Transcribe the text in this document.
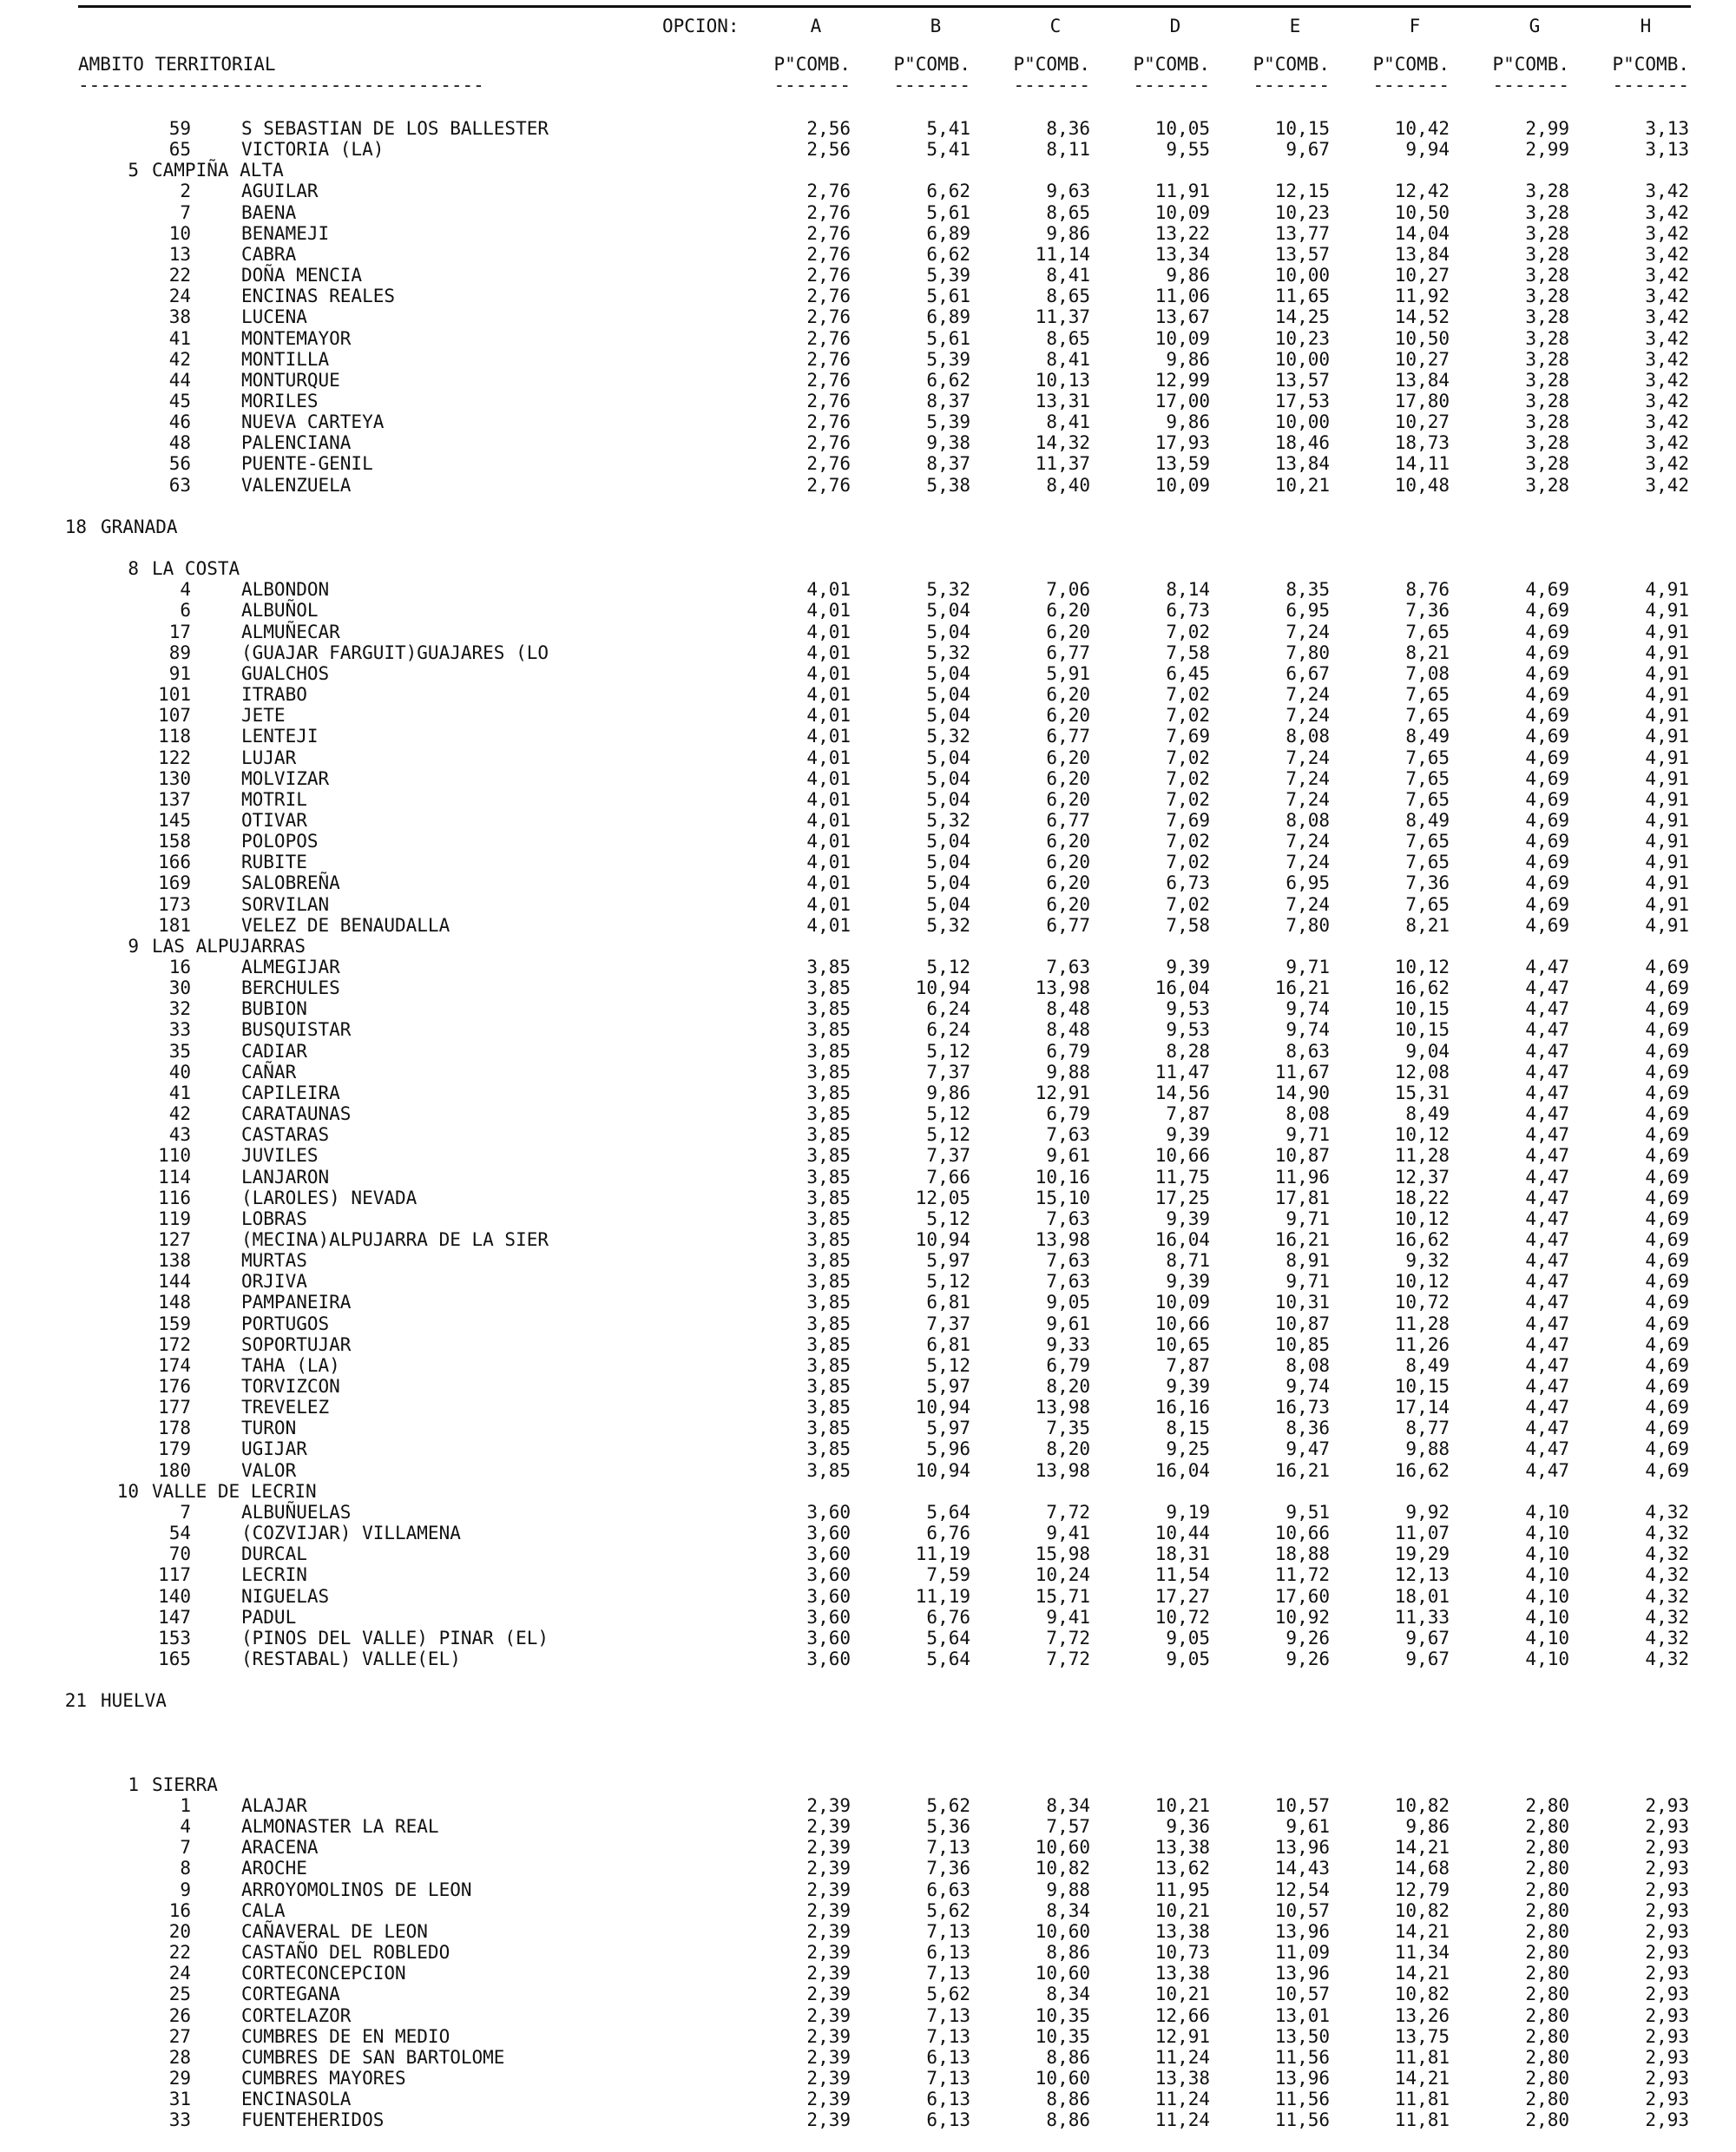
OPCION:	A	B	C	D	E	F	G	H
AMBITO TERRITORIAL	P"COMB.	P"COMB.	P"COMB.	P"COMB.	P"COMB.	P"COMB.	P"COMB.	P"COMB.
-------------------------------------	-------	-------	-------	-------	-------	-------	-------	-------
59	S SEBASTIAN DE LOS BALLESTER	2,56	5,41	8,36	10,05	10,15	10,42	2,99	3,13
65	VICTORIA (LA)	2,56	5,41	8,11	9,55	9,67	9,94	2,99	3,13
5 CAMPIÑA ALTA
2	AGUILAR	2,76	6,62	9,63	11,91	12,15	12,42	3,28	3,42
7	BAENA	2,76	5,61	8,65	10,09	10,23	10,50	3,28	3,42
10	BENAMEJI	2,76	6,89	9,86	13,22	13,77	14,04	3,28	3,42
13	CABRA	2,76	6,62	11,14	13,34	13,57	13,84	3,28	3,42
22	DOÑA MENCIA	2,76	5,39	8,41	9,86	10,00	10,27	3,28	3,42
24	ENCINAS REALES	2,76	5,61	8,65	11,06	11,65	11,92	3,28	3,42
38	LUCENA	2,76	6,89	11,37	13,67	14,25	14,52	3,28	3,42
41	MONTEMAYOR	2,76	5,61	8,65	10,09	10,23	10,50	3,28	3,42
42	MONTILLA	2,76	5,39	8,41	9,86	10,00	10,27	3,28	3,42
44	MONTURQUE	2,76	6,62	10,13	12,99	13,57	13,84	3,28	3,42
45	MORILES	2,76	8,37	13,31	17,00	17,53	17,80	3,28	3,42
46	NUEVA CARTEYA	2,76	5,39	8,41	9,86	10,00	10,27	3,28	3,42
48	PALENCIANA	2,76	9,38	14,32	17,93	18,46	18,73	3,28	3,42
56	PUENTE-GENIL	2,76	8,37	11,37	13,59	13,84	14,11	3,28	3,42
63	VALENZUELA	2,76	5,38	8,40	10,09	10,21	10,48	3,28	3,42
18 GRANADA
8 LA COSTA
4	ALBONDON	4,01	5,32	7,06	8,14	8,35	8,76	4,69	4,91
6	ALBUÑOL	4,01	5,04	6,20	6,73	6,95	7,36	4,69	4,91
17	ALMUÑECAR	4,01	5,04	6,20	7,02	7,24	7,65	4,69	4,91
89	(GUAJAR FARGUIT)GUAJARES (LO	4,01	5,32	6,77	7,58	7,80	8,21	4,69	4,91
91	GUALCHOS	4,01	5,04	5,91	6,45	6,67	7,08	4,69	4,91
101	ITRABO	4,01	5,04	6,20	7,02	7,24	7,65	4,69	4,91
107	JETE	4,01	5,04	6,20	7,02	7,24	7,65	4,69	4,91
118	LENTEJI	4,01	5,32	6,77	7,69	8,08	8,49	4,69	4,91
122	LUJAR	4,01	5,04	6,20	7,02	7,24	7,65	4,69	4,91
130	MOLVIZAR	4,01	5,04	6,20	7,02	7,24	7,65	4,69	4,91
137	MOTRIL	4,01	5,04	6,20	7,02	7,24	7,65	4,69	4,91
145	OTIVAR	4,01	5,32	6,77	7,69	8,08	8,49	4,69	4,91
158	POLOPOS	4,01	5,04	6,20	7,02	7,24	7,65	4,69	4,91
166	RUBITE	4,01	5,04	6,20	7,02	7,24	7,65	4,69	4,91
169	SALOBREÑA	4,01	5,04	6,20	6,73	6,95	7,36	4,69	4,91
173	SORVILAN	4,01	5,04	6,20	7,02	7,24	7,65	4,69	4,91
181	VELEZ DE BENAUDALLA	4,01	5,32	6,77	7,58	7,80	8,21	4,69	4,91
9 LAS ALPUJARRAS
16	ALMEGIJAR	3,85	5,12	7,63	9,39	9,71	10,12	4,47	4,69
30	BERCHULES	3,85	10,94	13,98	16,04	16,21	16,62	4,47	4,69
32	BUBION	3,85	6,24	8,48	9,53	9,74	10,15	4,47	4,69
33	BUSQUISTAR	3,85	6,24	8,48	9,53	9,74	10,15	4,47	4,69
35	CADIAR	3,85	5,12	6,79	8,28	8,63	9,04	4,47	4,69
40	CAÑAR	3,85	7,37	9,88	11,47	11,67	12,08	4,47	4,69
41	CAPILEIRA	3,85	9,86	12,91	14,56	14,90	15,31	4,47	4,69
42	CARATAUNAS	3,85	5,12	6,79	7,87	8,08	8,49	4,47	4,69
43	CASTARAS	3,85	5,12	7,63	9,39	9,71	10,12	4,47	4,69
110	JUVILES	3,85	7,37	9,61	10,66	10,87	11,28	4,47	4,69
114	LANJARON	3,85	7,66	10,16	11,75	11,96	12,37	4,47	4,69
116	(LAROLES) NEVADA	3,85	12,05	15,10	17,25	17,81	18,22	4,47	4,69
119	LOBRAS	3,85	5,12	7,63	9,39	9,71	10,12	4,47	4,69
127	(MECINA)ALPUJARRA DE LA SIER	3,85	10,94	13,98	16,04	16,21	16,62	4,47	4,69
138	MURTAS	3,85	5,97	7,63	8,71	8,91	9,32	4,47	4,69
144	ORJIVA	3,85	5,12	7,63	9,39	9,71	10,12	4,47	4,69
148	PAMPANEIRA	3,85	6,81	9,05	10,09	10,31	10,72	4,47	4,69
159	PORTUGOS	3,85	7,37	9,61	10,66	10,87	11,28	4,47	4,69
172	SOPORTUJAR	3,85	6,81	9,33	10,65	10,85	11,26	4,47	4,69
174	TAHA (LA)	3,85	5,12	6,79	7,87	8,08	8,49	4,47	4,69
176	TORVIZCON	3,85	5,97	8,20	9,39	9,74	10,15	4,47	4,69
177	TREVELEZ	3,85	10,94	13,98	16,16	16,73	17,14	4,47	4,69
178	TURON	3,85	5,97	7,35	8,15	8,36	8,77	4,47	4,69
179	UGIJAR	3,85	5,96	8,20	9,25	9,47	9,88	4,47	4,69
180	VALOR	3,85	10,94	13,98	16,04	16,21	16,62	4,47	4,69
10 VALLE DE LECRIN
7	ALBUÑUELAS	3,60	5,64	7,72	9,19	9,51	9,92	4,10	4,32
54	(COZVIJAR) VILLAMENA	3,60	6,76	9,41	10,44	10,66	11,07	4,10	4,32
70	DURCAL	3,60	11,19	15,98	18,31	18,88	19,29	4,10	4,32
117	LECRIN	3,60	7,59	10,24	11,54	11,72	12,13	4,10	4,32
140	NIGUELAS	3,60	11,19	15,71	17,27	17,60	18,01	4,10	4,32
147	PADUL	3,60	6,76	9,41	10,72	10,92	11,33	4,10	4,32
153	(PINOS DEL VALLE) PINAR (EL)	3,60	5,64	7,72	9,05	9,26	9,67	4,10	4,32
165	(RESTABAL) VALLE(EL)	3,60	5,64	7,72	9,05	9,26	9,67	4,10	4,32
21 HUELVA
1 SIERRA
1	ALAJAR	2,39	5,62	8,34	10,21	10,57	10,82	2,80	2,93
4	ALMONASTER LA REAL	2,39	5,36	7,57	9,36	9,61	9,86	2,80	2,93
7	ARACENA	2,39	7,13	10,60	13,38	13,96	14,21	2,80	2,93
8	AROCHE	2,39	7,36	10,82	13,62	14,43	14,68	2,80	2,93
9	ARROYOMOLINOS DE LEON	2,39	6,63	9,88	11,95	12,54	12,79	2,80	2,93
16	CALA	2,39	5,62	8,34	10,21	10,57	10,82	2,80	2,93
20	CAÑAVERAL DE LEON	2,39	7,13	10,60	13,38	13,96	14,21	2,80	2,93
22	CASTAÑO DEL ROBLEDO	2,39	6,13	8,86	10,73	11,09	11,34	2,80	2,93
24	CORTECONCEPCION	2,39	7,13	10,60	13,38	13,96	14,21	2,80	2,93
25	CORTEGANA	2,39	5,62	8,34	10,21	10,57	10,82	2,80	2,93
26	CORTELAZOR	2,39	7,13	10,35	12,66	13,01	13,26	2,80	2,93
27	CUMBRES DE EN MEDIO	2,39	7,13	10,35	12,91	13,50	13,75	2,80	2,93
28	CUMBRES DE SAN BARTOLOME	2,39	6,13	8,86	11,24	11,56	11,81	2,80	2,93
29	CUMBRES MAYORES	2,39	7,13	10,60	13,38	13,96	14,21	2,80	2,93
31	ENCINASOLA	2,39	6,13	8,86	11,24	11,56	11,81	2,80	2,93
33	FUENTEHERIDOS	2,39	6,13	8,86	11,24	11,56	11,81	2,80	2,93
